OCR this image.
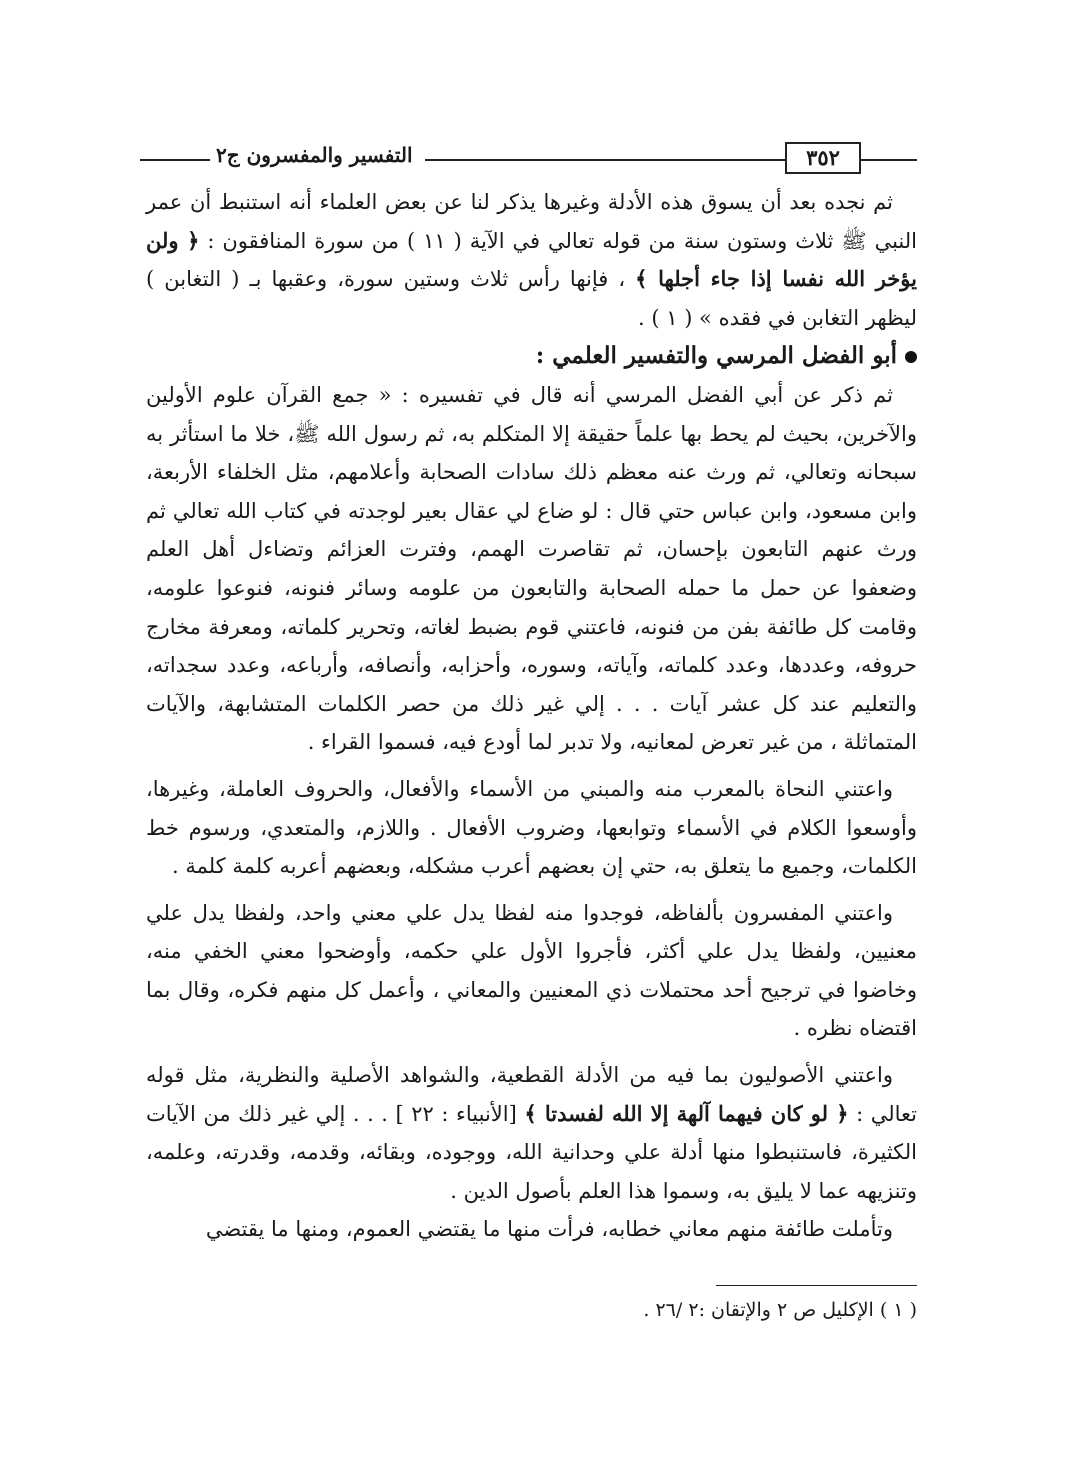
التفسير والمفسرون ج٢	٣٥٢

ثم نجده بعد أن يسوق هذه الأدلة وغيرها يذكر لنا عن بعض العلماء أنه استنبط أن عمر النبي ﷺ ثلاث وستون سنة من قوله تعالي في الآية ( ١١ ) من سورة المنافقون : ﴿ ولن يؤخر الله نفسا إذا جاء أجلها ﴾ ، فإنها رأس ثلاث وستين سورة، وعقبها بـ ( التغابن ) ليظهر التغابن في فقده » ( ١ ) .

أبو الفضل المرسي والتفسير العلمي :

ثم ذكر عن أبي الفضل المرسي أنه قال في تفسيره : « جمع القرآن علوم الأولين والآخرين، بحيث لم يحط بها علماً حقيقة إلا المتكلم به، ثم رسول الله ﷺ، خلا ما استأثر به سبحانه وتعالي، ثم ورث عنه معظم ذلك سادات الصحابة وأعلامهم، مثل الخلفاء الأربعة، وابن مسعود، وابن عباس حتي قال : لو ضاع لي عقال بعير لوجدته في كتاب الله تعالي ثم ورث عنهم التابعون بإحسان، ثم تقاصرت الهمم، وفترت العزائم وتضاءل أهل العلم وضعفوا عن حمل ما حمله الصحابة والتابعون من علومه وسائر فنونه، فنوعوا علومه، وقامت كل طائفة بفن من فنونه، فاعتني قوم بضبط لغاته، وتحرير كلماته، ومعرفة مخارج حروفه، وعددها، وعدد كلماته، وآياته، وسوره، وأحزابه، وأنصافه، وأرباعه، وعدد سجداته، والتعليم عند كل عشر آيات . . . إلي غير ذلك من حصر الكلمات المتشابهة، والآيات المتماثلة ، من غير تعرض لمعانيه، ولا تدبر لما أودع فيه، فسموا القراء .

واعتني النحاة بالمعرب منه والمبني من الأسماء والأفعال، والحروف العاملة، وغيرها، وأوسعوا الكلام في الأسماء وتوابعها، وضروب الأفعال . واللازم، والمتعدي، ورسوم خط الكلمات، وجميع ما يتعلق به، حتي إن بعضهم أعرب مشكله، وبعضهم أعربه كلمة كلمة .

واعتني المفسرون بألفاظه، فوجدوا منه لفظا يدل علي معني واحد، ولفظا يدل علي معنيين، ولفظا يدل علي أكثر، فأجروا الأول علي حكمه، وأوضحوا معني الخفي منه، وخاضوا في ترجيح أحد محتملات ذي المعنيين والمعاني ، وأعمل كل منهم فكره، وقال بما اقتضاه نظره .

واعتني الأصوليون بما فيه من الأدلة القطعية، والشواهد الأصلية والنظرية، مثل قوله تعالي : ﴿ لو كان فيهما آلهة إلا الله لفسدتا ﴾ [الأنبياء : ٢٢ ] . . . إلي غير ذلك من الآيات الكثيرة، فاستنبطوا منها أدلة علي وحدانية الله، ووجوده، وبقائه، وقدمه، وقدرته، وعلمه، وتنزيهه عما لا يليق به، وسموا هذا العلم بأصول الدين .

وتأملت طائفة منهم معاني خطابه، فرأت منها ما يقتضي العموم، ومنها ما يقتضي

( ١ ) الإكليل ص ٢ والإتقان :٢ /٢٦ .
